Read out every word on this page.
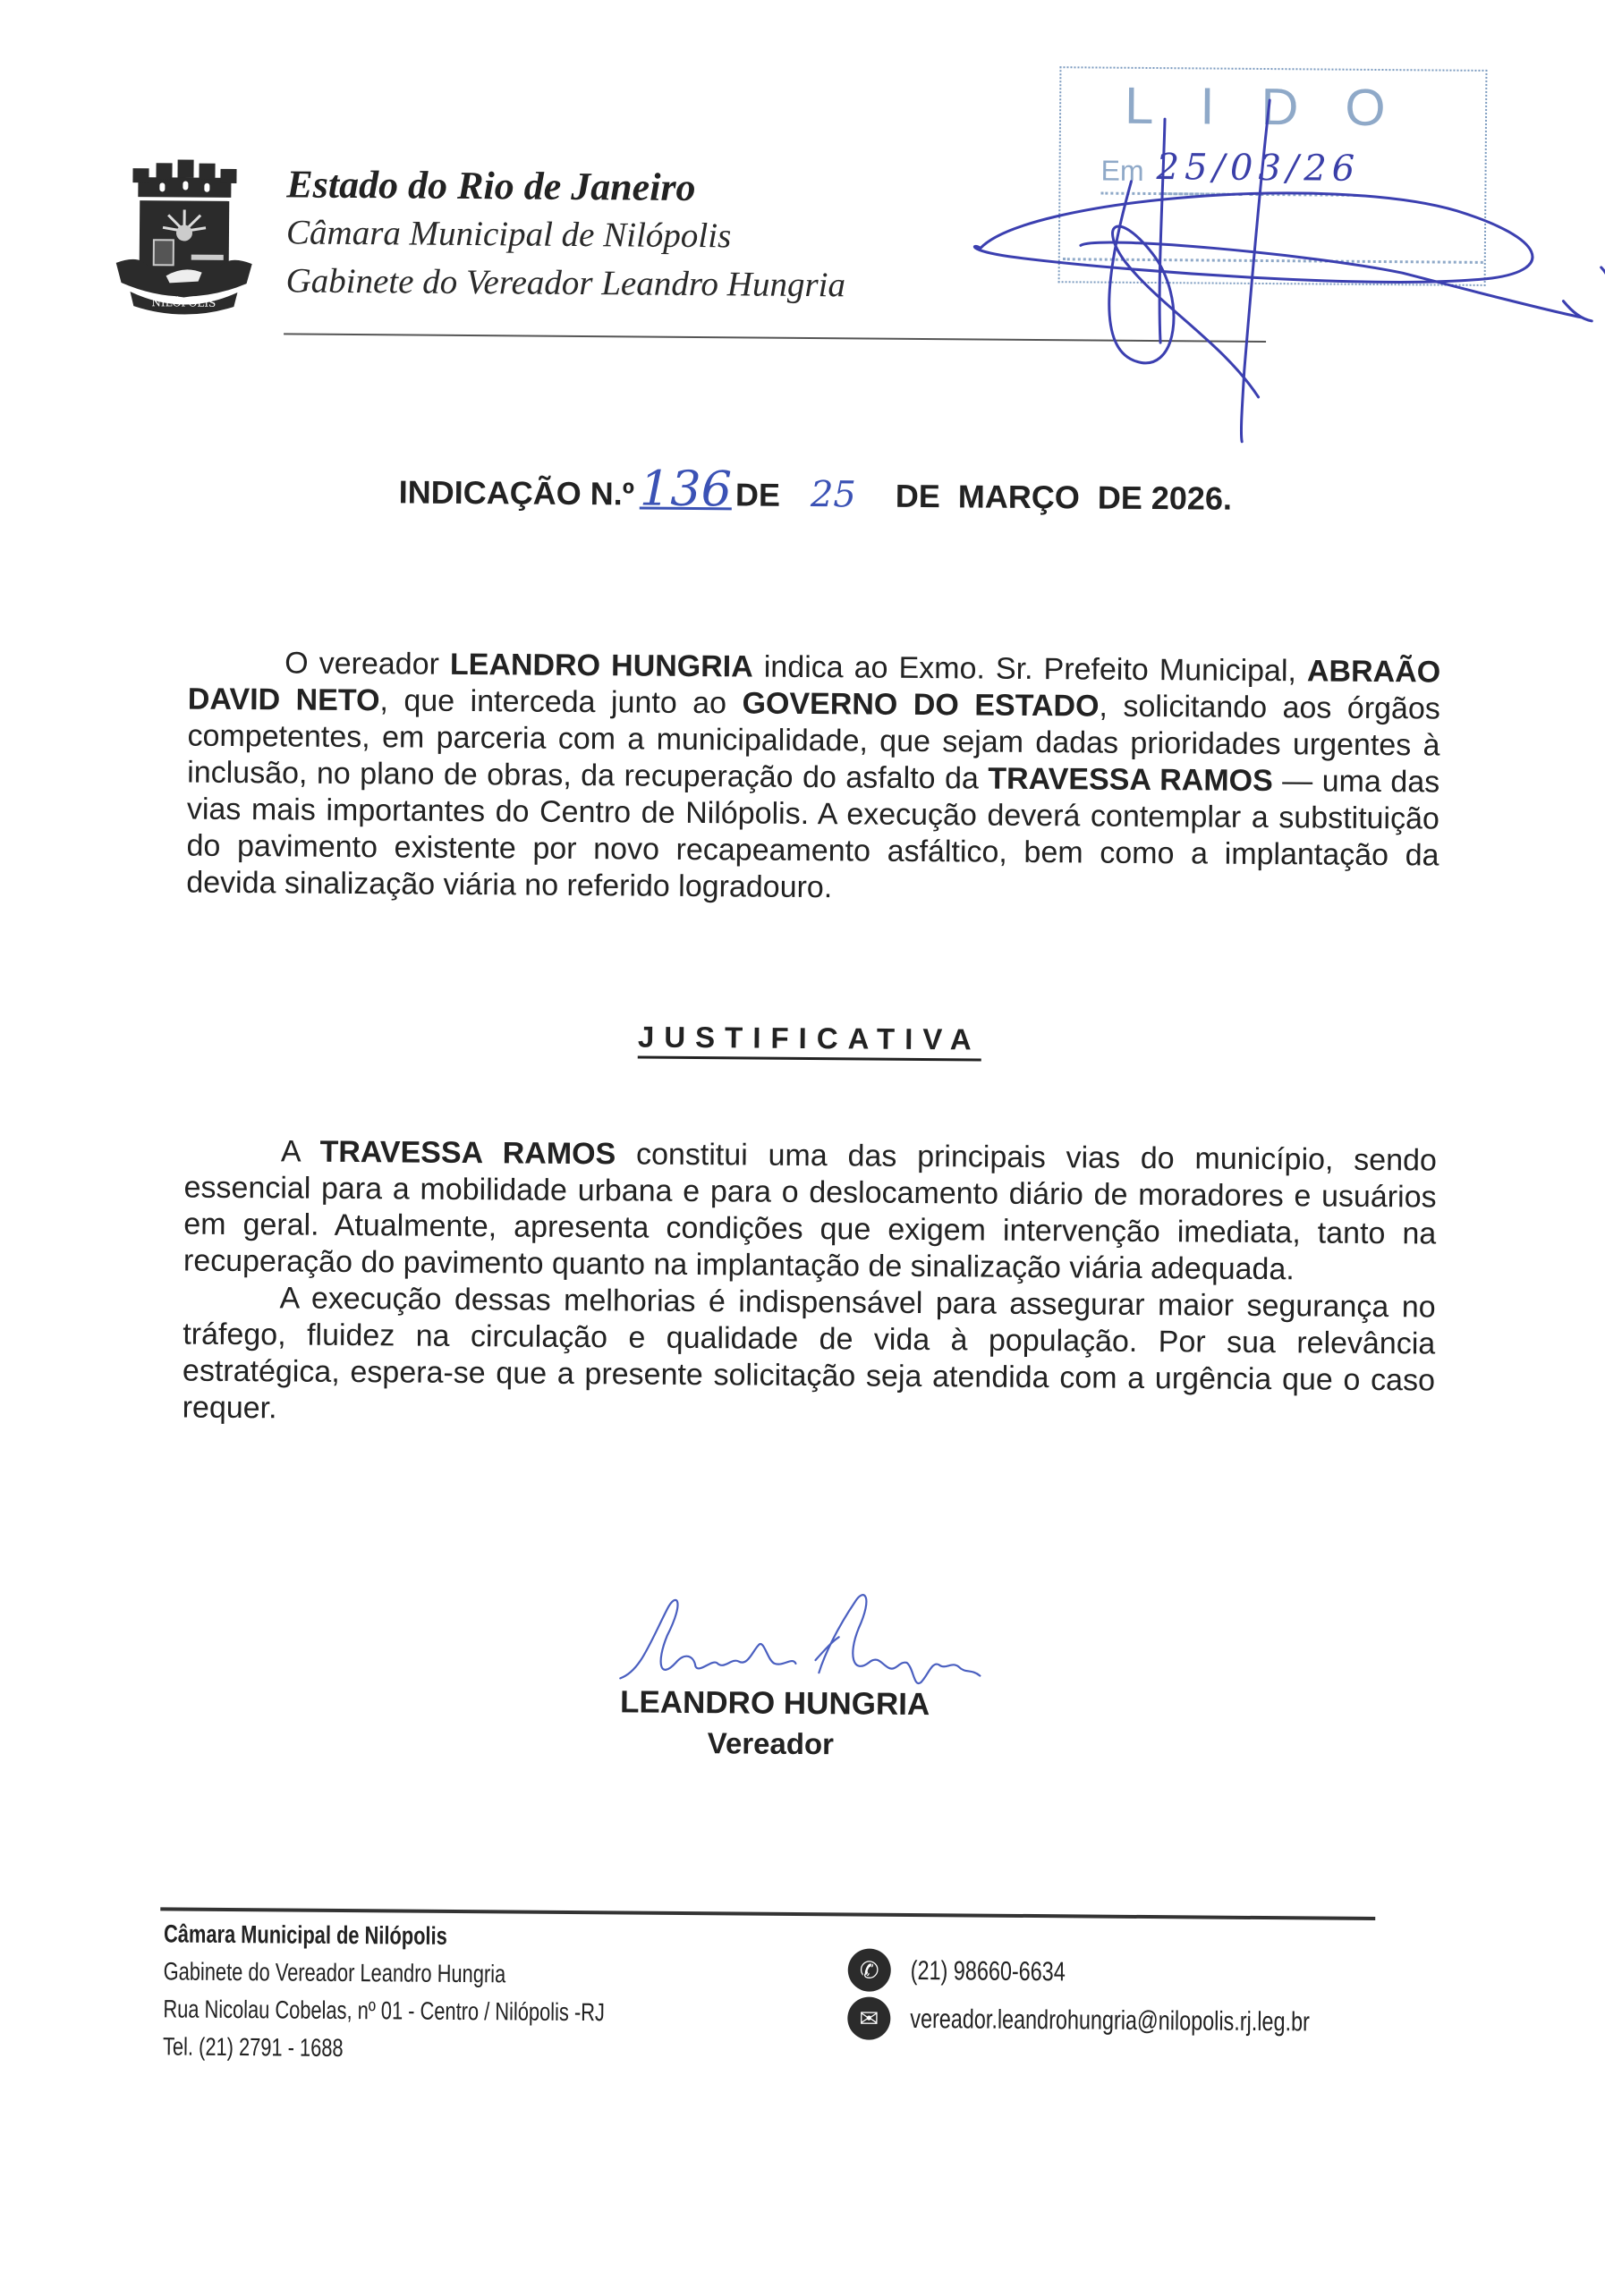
NILÓPOLIS
Estado do Rio de Janeiro
Câmara Municipal de Nilópolis
Gabinete do Vereador Leandro Hungria
LIDO
Em 25/03/26
INDICAÇÃO N.º 136DE 25 DE  MARÇO  DE 2026.

O vereador LEANDRO HUNGRIA indica ao Exmo. Sr. Prefeito Municipal, ABRAÃO DAVID NETO, que interceda junto ao GOVERNO DO ESTADO, solicitando aos órgãos competentes, em parceria com a municipalidade, que sejam dadas prioridades urgentes à inclusão, no plano de obras, da recuperação do asfalto da TRAVESSA RAMOS — uma das vias mais importantes do Centro de Nilópolis. A execução deverá contemplar a substituição do pavimento existente por novo recapeamento asfáltico, bem como a implantação da devida sinalização viária no referido logradouro.

JUSTIFICATIVA

A TRAVESSA RAMOS constitui uma das principais vias do município, sendo essencial para a mobilidade urbana e para o deslocamento diário de moradores e usuários em geral. Atualmente, apresenta condições que exigem intervenção imediata, tanto na recuperação do pavimento quanto na implantação de sinalização viária adequada.

A execução dessas melhorias é indispensável para assegurar maior segurança no tráfego, fluidez na circulação e qualidade de vida à população. Por sua relevância estratégica, espera-se que a presente solicitação seja atendida com a urgência que o caso requer.

LEANDRO HUNGRIA
Vereador
Câmara Municipal de Nilópolis
Gabinete do Vereador Leandro Hungria
Rua Nicolau Cobelas, nº 01 - Centro / Nilópolis -RJ
Tel. (21) 2791 - 1688
✆
✉
(21) 98660-6634
vereador.leandrohungria@nilopolis.rj.leg.br
